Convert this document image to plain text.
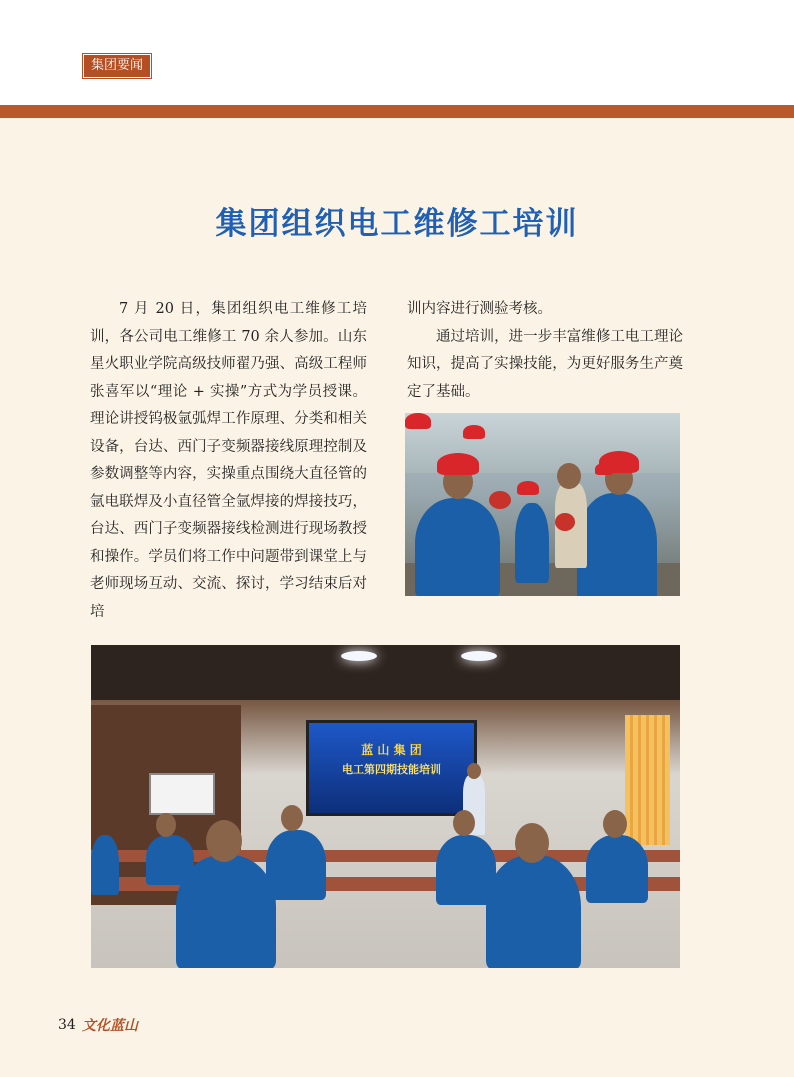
集团要闻
集团组织电工维修工培训

7 月 20 日，集团组织电工维修工培训，各公司电工维修工 70 余人参加。山东星火职业学院高级技师翟乃强、高级工程师张喜军以“理论 + 实操”方式为学员授课。理论讲授钨极氩弧焊工作原理、分类和相关设备，台达、西门子变频器接线原理控制及参数调整等内容，实操重点围绕大直径管的氩电联焊及小直径管全氩焊接的焊接技巧，台达、西门子变频器接线检测进行现场教授和操作。学员们将工作中问题带到课堂上与老师现场互动、交流、探讨，学习结束后对培

训内容进行测验考核。

通过培训，进一步丰富维修工电工理论知识，提高了实操技能，为更好服务生产奠定了基础。

蓝 山 集 团
电工第四期技能培训
34 文化蓝山
